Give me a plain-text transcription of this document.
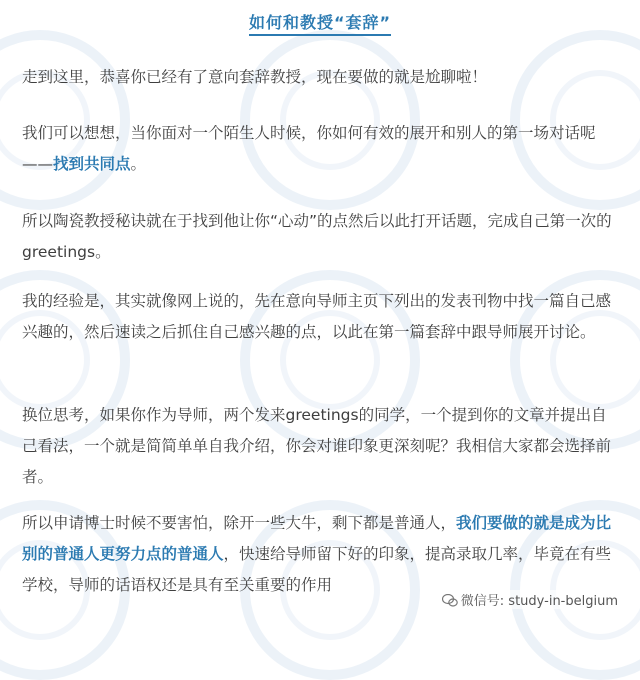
如何和教授“套辞”
走到这里，恭喜你已经有了意向套辞教授，现在要做的就是尬聊啦！
我们可以想想，当你面对一个陌生人时候，你如何有效的展开和别人的第一场对话呢——找到共同点。
所以陶瓷教授秘诀就在于找到他让你“心动”的点然后以此打开话题，完成自己第一次的greetings。
我的经验是，其实就像网上说的，先在意向导师主页下列出的发表刊物中找一篇自己感兴趣的，然后速读之后抓住自己感兴趣的点，以此在第一篇套辞中跟导师展开讨论。
换位思考，如果你作为导师，两个发来greetings的同学，一个提到你的文章并提出自己看法，一个就是简简单单自我介绍，你会对谁印象更深刻呢？我相信大家都会选择前者。
所以申请博士时候不要害怕，除开一些大牛，剩下都是普通人，我们要做的就是成为比别的普通人更努力点的普通人，快速给导师留下好的印象，提高录取几率，毕竟在有些学校，导师的话语权还是具有至关重要的作用
微信号: study-in-belgium
